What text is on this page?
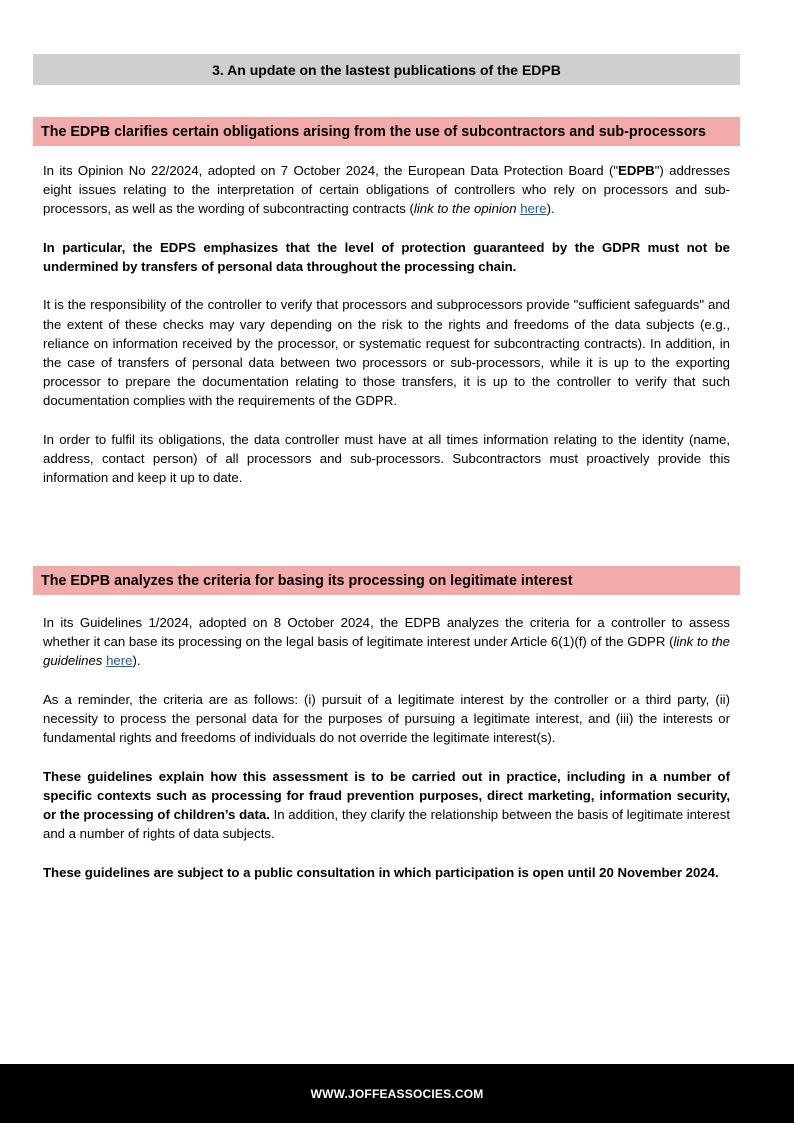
3. An update on the lastest publications of the EDPB
The EDPB clarifies certain obligations arising from the use of subcontractors and sub-processors

In its Opinion No 22/2024, adopted on 7 October 2024, the European Data Protection Board ("EDPB") addresses eight issues relating to the interpretation of certain obligations of controllers who rely on processors and sub-processors, as well as the wording of subcontracting contracts (link to the opinion here).

In particular, the EDPS emphasizes that the level of protection guaranteed by the GDPR must not be undermined by transfers of personal data throughout the processing chain.

It is the responsibility of the controller to verify that processors and subprocessors provide "sufficient safeguards" and the extent of these checks may vary depending on the risk to the rights and freedoms of the data subjects (e.g., reliance on information received by the processor, or systematic request for subcontracting contracts). In addition, in the case of transfers of personal data between two processors or sub-processors, while it is up to the exporting processor to prepare the documentation relating to those transfers, it is up to the controller to verify that such documentation complies with the requirements of the GDPR.

In order to fulfil its obligations, the data controller must have at all times information relating to the identity (name, address, contact person) of all processors and sub-processors. Subcontractors must proactively provide this information and keep it up to date.

The EDPB analyzes the criteria for basing its processing on legitimate interest

In its Guidelines 1/2024, adopted on 8 October 2024, the EDPB analyzes the criteria for a controller to assess whether it can base its processing on the legal basis of legitimate interest under Article 6(1)(f) of the GDPR (link to the guidelines here).

As a reminder, the criteria are as follows: (i) pursuit of a legitimate interest by the controller or a third party, (ii) necessity to process the personal data for the purposes of pursuing a legitimate interest, and (iii) the interests or fundamental rights and freedoms of individuals do not override the legitimate interest(s).

These guidelines explain how this assessment is to be carried out in practice, including in a number of specific contexts such as processing for fraud prevention purposes, direct marketing, information security, or the processing of children’s data. In addition, they clarify the relationship between the basis of legitimate interest and a number of rights of data subjects.

These guidelines are subject to a public consultation in which participation is open until 20 November 2024.

WWW.JOFFEASSOCIES.COM
